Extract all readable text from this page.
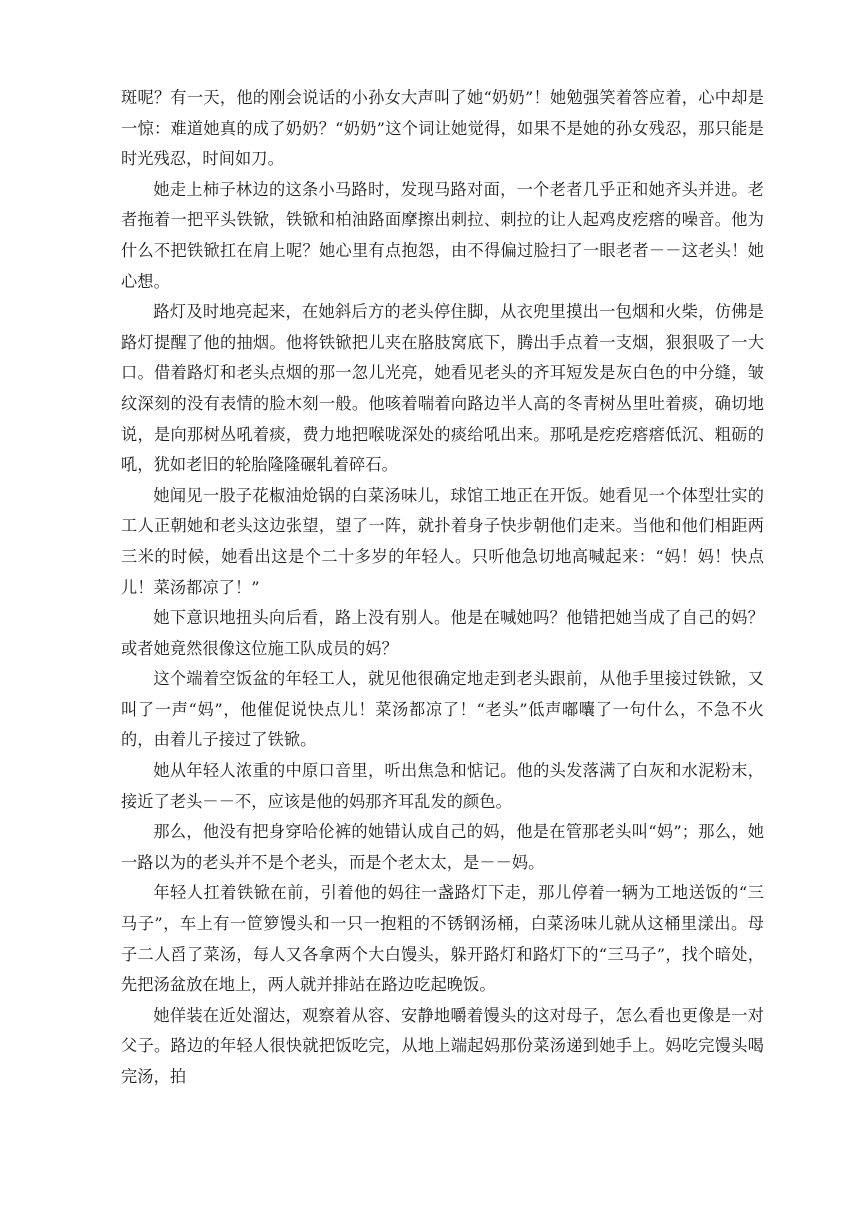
斑呢？有一天，他的刚会说话的小孙女大声叫了她“奶奶”！她勉强笑着答应着，心中却是一惊：难道她真的成了奶奶？“奶奶”这个词让她觉得，如果不是她的孙女残忍，那只能是时光残忍，时间如刀。

她走上柿子林边的这条小马路时，发现马路对面，一个老者几乎正和她齐头并进。老者拖着一把平头铁锨，铁锨和柏油路面摩擦出刺拉、刺拉的让人起鸡皮疙瘩的噪音。他为什么不把铁锨扛在肩上呢？她心里有点抱怨，由不得偏过脸扫了一眼老者－－这老头！她心想。

路灯及时地亮起来，在她斜后方的老头停住脚，从衣兜里摸出一包烟和火柴，仿佛是路灯提醒了他的抽烟。他将铁锨把儿夹在胳肢窝底下，腾出手点着一支烟，狠狠吸了一大口。借着路灯和老头点烟的那一忽儿光亮，她看见老头的齐耳短发是灰白色的中分缝，皱纹深刻的没有表情的脸木刻一般。他咳着喘着向路边半人高的冬青树丛里吐着痰，确切地说，是向那树丛吼着痰，费力地把喉咙深处的痰给吼出来。那吼是疙疙瘩瘩低沉、粗砺的吼，犹如老旧的轮胎隆隆碾轧着碎石。

她闻见一股子花椒油炝锅的白菜汤味儿，球馆工地正在开饭。她看见一个体型壮实的工人正朝她和老头这边张望，望了一阵，就扑着身子快步朝他们走来。当他和他们相距两三米的时候，她看出这是个二十多岁的年轻人。只听他急切地高喊起来：“妈！妈！快点儿！菜汤都凉了！”

她下意识地扭头向后看，路上没有别人。他是在喊她吗？他错把她当成了自己的妈？或者她竟然很像这位施工队成员的妈？

这个端着空饭盆的年轻工人，就见他很确定地走到老头跟前，从他手里接过铁锨，又叫了一声“妈”，他催促说快点儿！菜汤都凉了！“老头”低声嘟囔了一句什么，不急不火的，由着儿子接过了铁锨。

她从年轻人浓重的中原口音里，听出焦急和惦记。他的头发落满了白灰和水泥粉末，接近了老头－－不，应该是他的妈那齐耳乱发的颜色。

那么，他没有把身穿哈伦裤的她错认成自己的妈，他是在管那老头叫“妈”；那么，她一路以为的老头并不是个老头，而是个老太太，是－－妈。

年轻人扛着铁锨在前，引着他的妈往一盏路灯下走，那儿停着一辆为工地送饭的“三马子”，车上有一笸箩馒头和一只一抱粗的不锈钢汤桶，白菜汤味儿就从这桶里漾出。母子二人舀了菜汤，每人又各拿两个大白馒头，躲开路灯和路灯下的“三马子”，找个暗处，先把汤盆放在地上，两人就并排站在路边吃起晚饭。

她佯装在近处溜达，观察着从容、安静地嚼着馒头的这对母子，怎么看也更像是一对父子。路边的年轻人很快就把饭吃完，从地上端起妈那份菜汤递到她手上。妈吃完馒头喝完汤，拍
